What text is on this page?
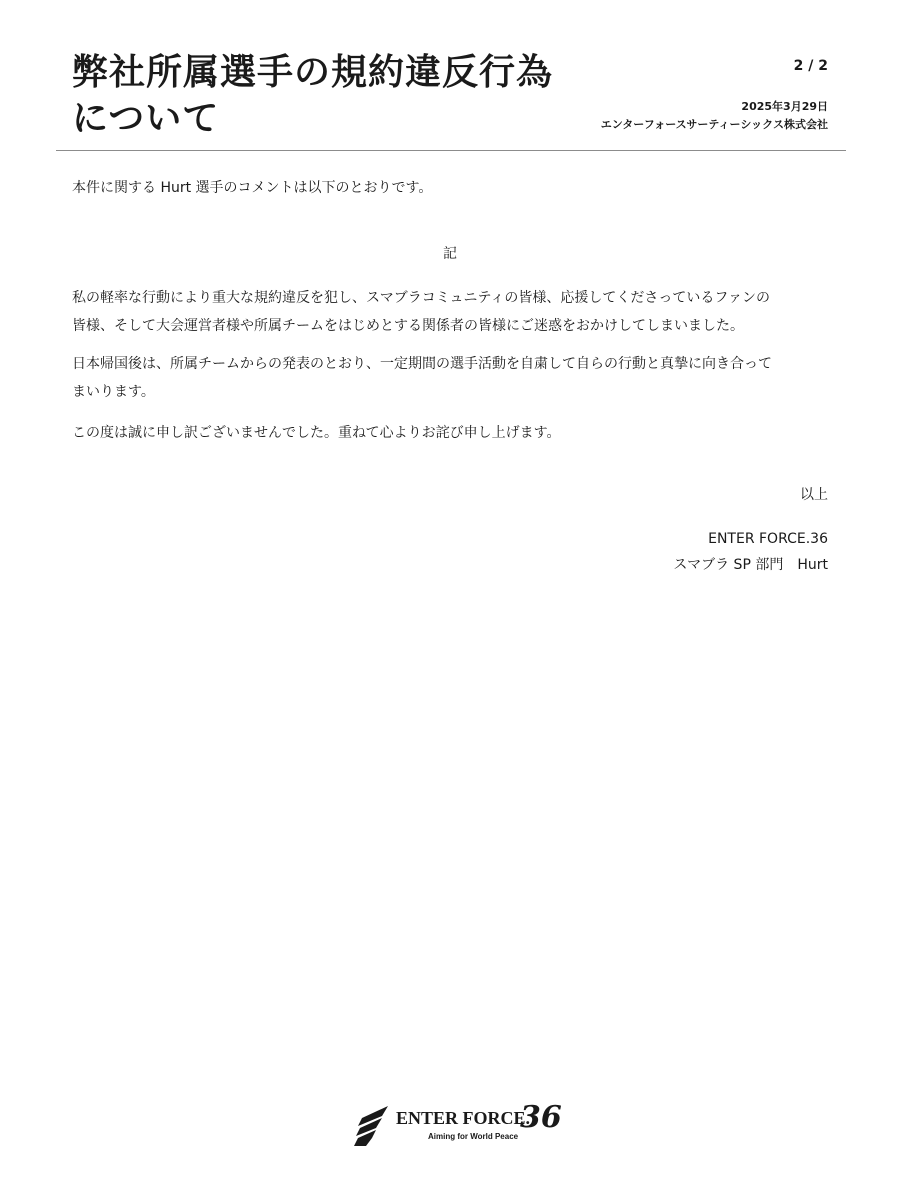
弊社所属選手の規約違反行為
について
2 / 2
2025年3月29日
エンターフォースサーティーシックス株式会社

本件に関する Hurt 選手のコメントは以下のとおりです。

記

私の軽率な行動により重大な規約違反を犯し、スマブラコミュニティの皆様、応援してくださっているファンの
皆様、そして大会運営者様や所属チームをはじめとする関係者の皆様にご迷惑をおかけしてしまいました。
日本帰国後は、所属チームからの発表のとおり、一定期間の選手活動を自粛して自らの行動と真摯に向き合って
まいります。

この度は誠に申し訳ございませんでした。重ねて心よりお詫び申し上げます。

以上

ENTER FORCE.36

スマブラ SP 部門　Hurt

ENTER FORCE.
36
Aiming for World Peace
